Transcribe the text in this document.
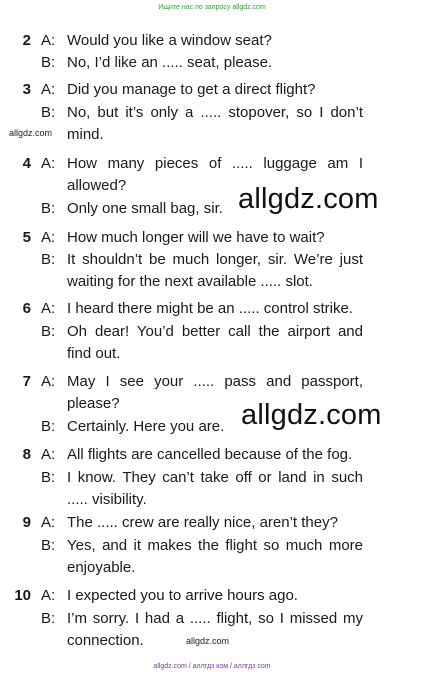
Ищите нас по запросу allgdz.com
2 A: Would you like a window seat?
B: No, I’d like an ..... seat, please.
3 A: Did you manage to get a direct flight?
B: No, but it’s only a ..... stopover, so I don’t
mind.
4 A: How many pieces of ..... luggage am I
allowed?
B: Only one small bag, sir.
5 A: How much longer will we have to wait?
B: It shouldn’t be much longer, sir. We’re just
waiting for the next available ..... slot.
6 A: I heard there might be an ..... control strike.
B: Oh dear! You’d better call the airport and
find out.
7 A: May I see your ..... pass and passport,
please?
B: Certainly. Here you are.
8 A: All flights are cancelled because of the fog.
B: I know. They can’t take off or land in such
..... visibility.
9 A: The ..... crew are really nice, aren’t they?
B: Yes, and it makes the flight so much more
enjoyable.
10 A: I expected you to arrive hours ago.
B: I’m sorry. I had a ..... flight, so I missed my
connection.
allgdz.com
allgdz.com
allgdz.com
allgdz.com
allgdz.com / аллгдз ком / аллгдз com
